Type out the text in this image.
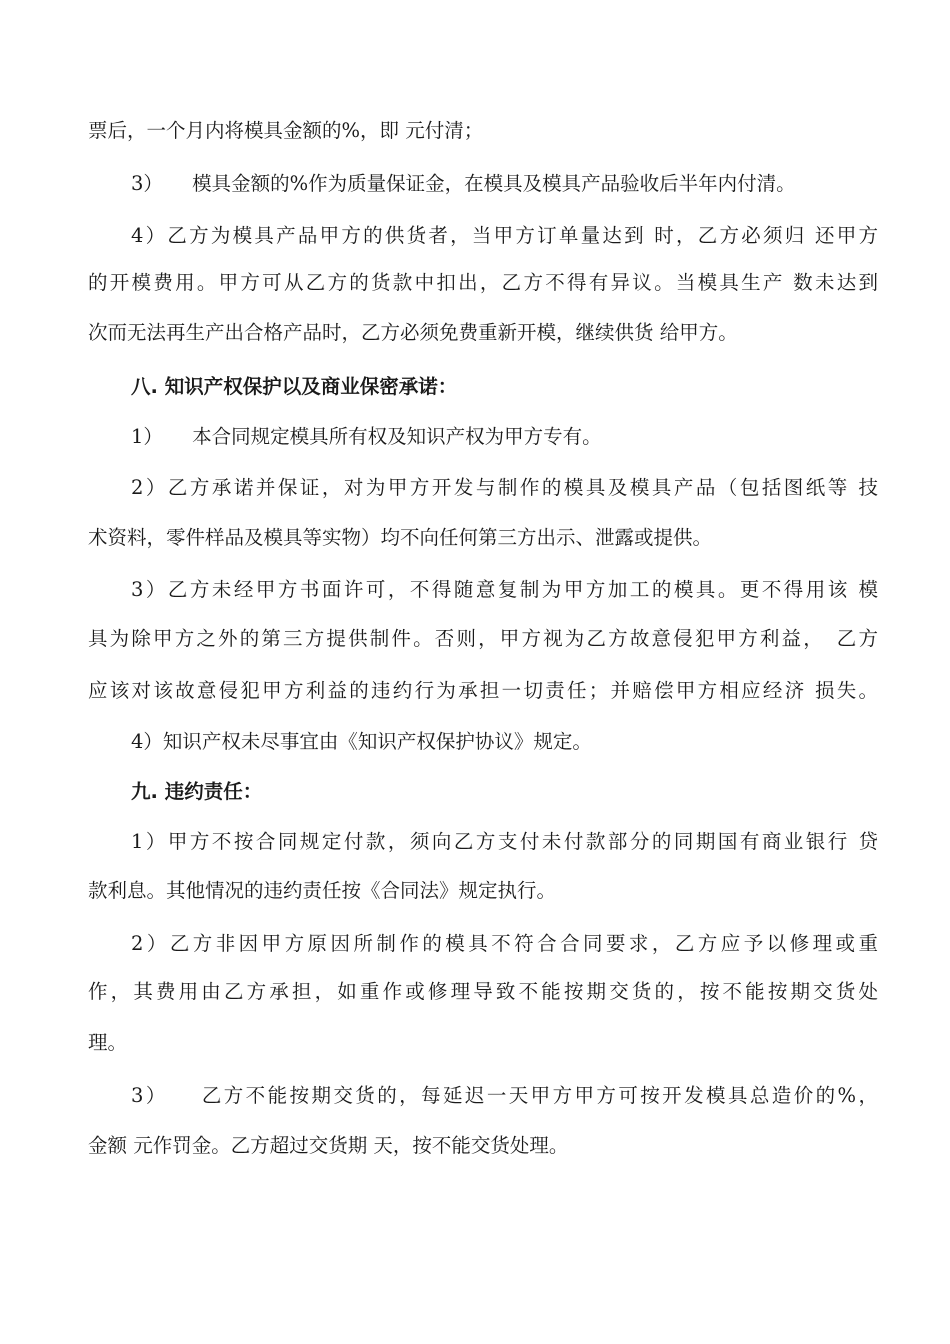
票后，一个月内将模具金额的%，即 元付清；
3）　　模具金额的%作为质量保证金，在模具及模具产品验收后半年内付清。
4）乙方为模具产品甲方的供货者，当甲方订单量达到 时，乙方必须归 还甲方
的开模费用。甲方可从乙方的货款中扣出，乙方不得有异议。当模具生产 数未达到
次而无法再生产出合格产品时，乙方必须免费重新开模，继续供货 给甲方。
八. 知识产权保护以及商业保密承诺：
1）　　本合同规定模具所有权及知识产权为甲方专有。
2）乙方承诺并保证，对为甲方开发与制作的模具及模具产品（包括图纸等 技
术资料，零件样品及模具等实物）均不向任何第三方出示、泄露或提供。
3）乙方未经甲方书面许可，不得随意复制为甲方加工的模具。更不得用该 模
具为除甲方之外的第三方提供制件。否则，甲方视为乙方故意侵犯甲方利益，　乙方
应该对该故意侵犯甲方利益的违约行为承担一切责任；并赔偿甲方相应经济 损失。
4）知识产权未尽事宜由《知识产权保护协议》规定。
九. 违约责任：
1）甲方不按合同规定付款，须向乙方支付未付款部分的同期国有商业银行 贷
款利息。其他情况的违约责任按《合同法》规定执行。
2）乙方非因甲方原因所制作的模具不符合合同要求，乙方应予以修理或重
作，其费用由乙方承担，如重作或修理导致不能按期交货的，按不能按期交货处
理。
3）　　乙方不能按期交货的，每延迟一天甲方甲方可按开发模具总造价的%，
金额 元作罚金。乙方超过交货期 天，按不能交货处理。
